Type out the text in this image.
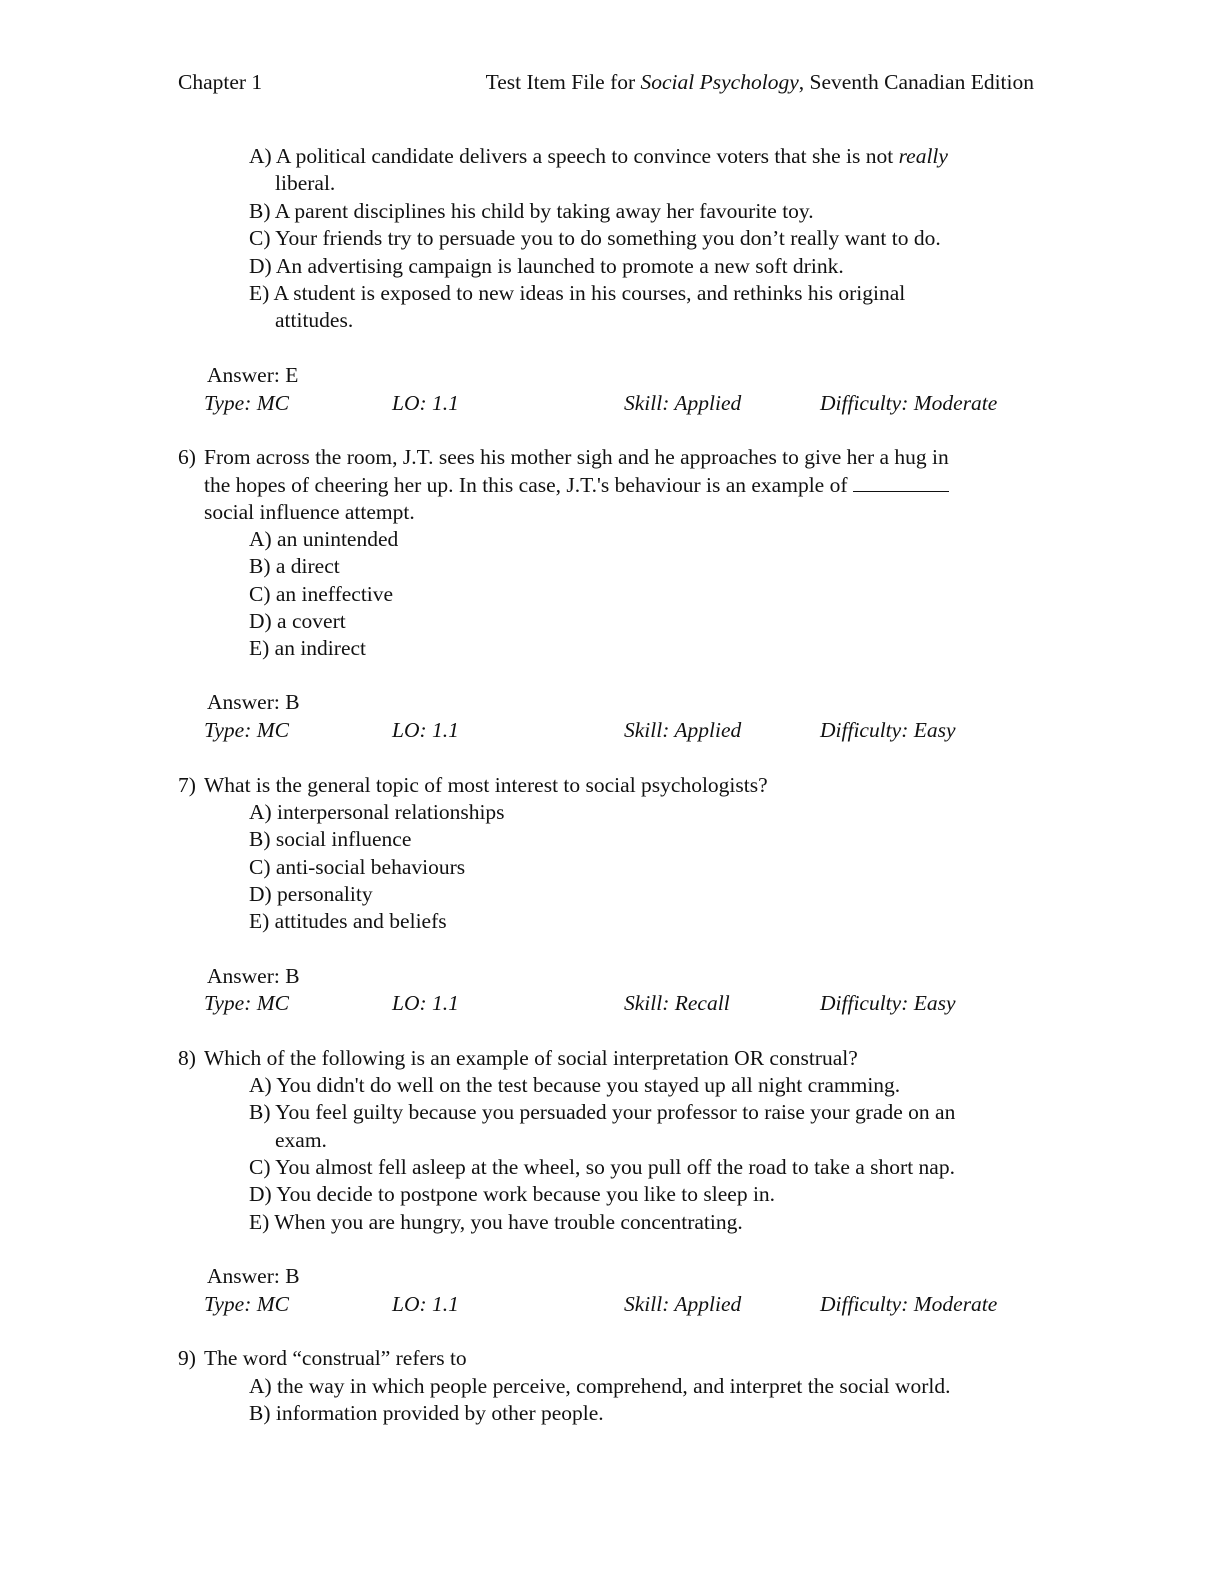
Chapter 1	Test Item File for Social Psychology, Seventh Canadian Edition
A) A political candidate delivers a speech to convince voters that she is not really
liberal.
B) A parent disciplines his child by taking away her favourite toy.
C) Your friends try to persuade you to do something you don’t really want to do.
D) An advertising campaign is launched to promote a new soft drink.
E) A student is exposed to new ideas in his courses, and rethinks his original
attitudes.
Answer: E
Type: MC	LO: 1.1	Skill: Applied	Difficulty: Moderate
6) From across the room, J.T. sees his mother sigh and he approaches to give her a hug in
the hopes of cheering her up. In this case, J.T.'s behaviour is an example of
social influence attempt.
A) an unintended
B) a direct
C) an ineffective
D) a covert
E) an indirect
Answer: B
Type: MC	LO: 1.1	Skill: Applied	Difficulty: Easy
7) What is the general topic of most interest to social psychologists?
A) interpersonal relationships
B) social influence
C) anti-social behaviours
D) personality
E) attitudes and beliefs
Answer: B
Type: MC	LO: 1.1	Skill: Recall	Difficulty: Easy
8) Which of the following is an example of social interpretation OR construal?
A) You didn't do well on the test because you stayed up all night cramming.
B) You feel guilty because you persuaded your professor to raise your grade on an
exam.
C) You almost fell asleep at the wheel, so you pull off the road to take a short nap.
D) You decide to postpone work because you like to sleep in.
E) When you are hungry, you have trouble concentrating.
Answer: B
Type: MC	LO: 1.1	Skill: Applied	Difficulty: Moderate
9) The word “construal” refers to
A) the way in which people perceive, comprehend, and interpret the social world.
B) information provided by other people.
